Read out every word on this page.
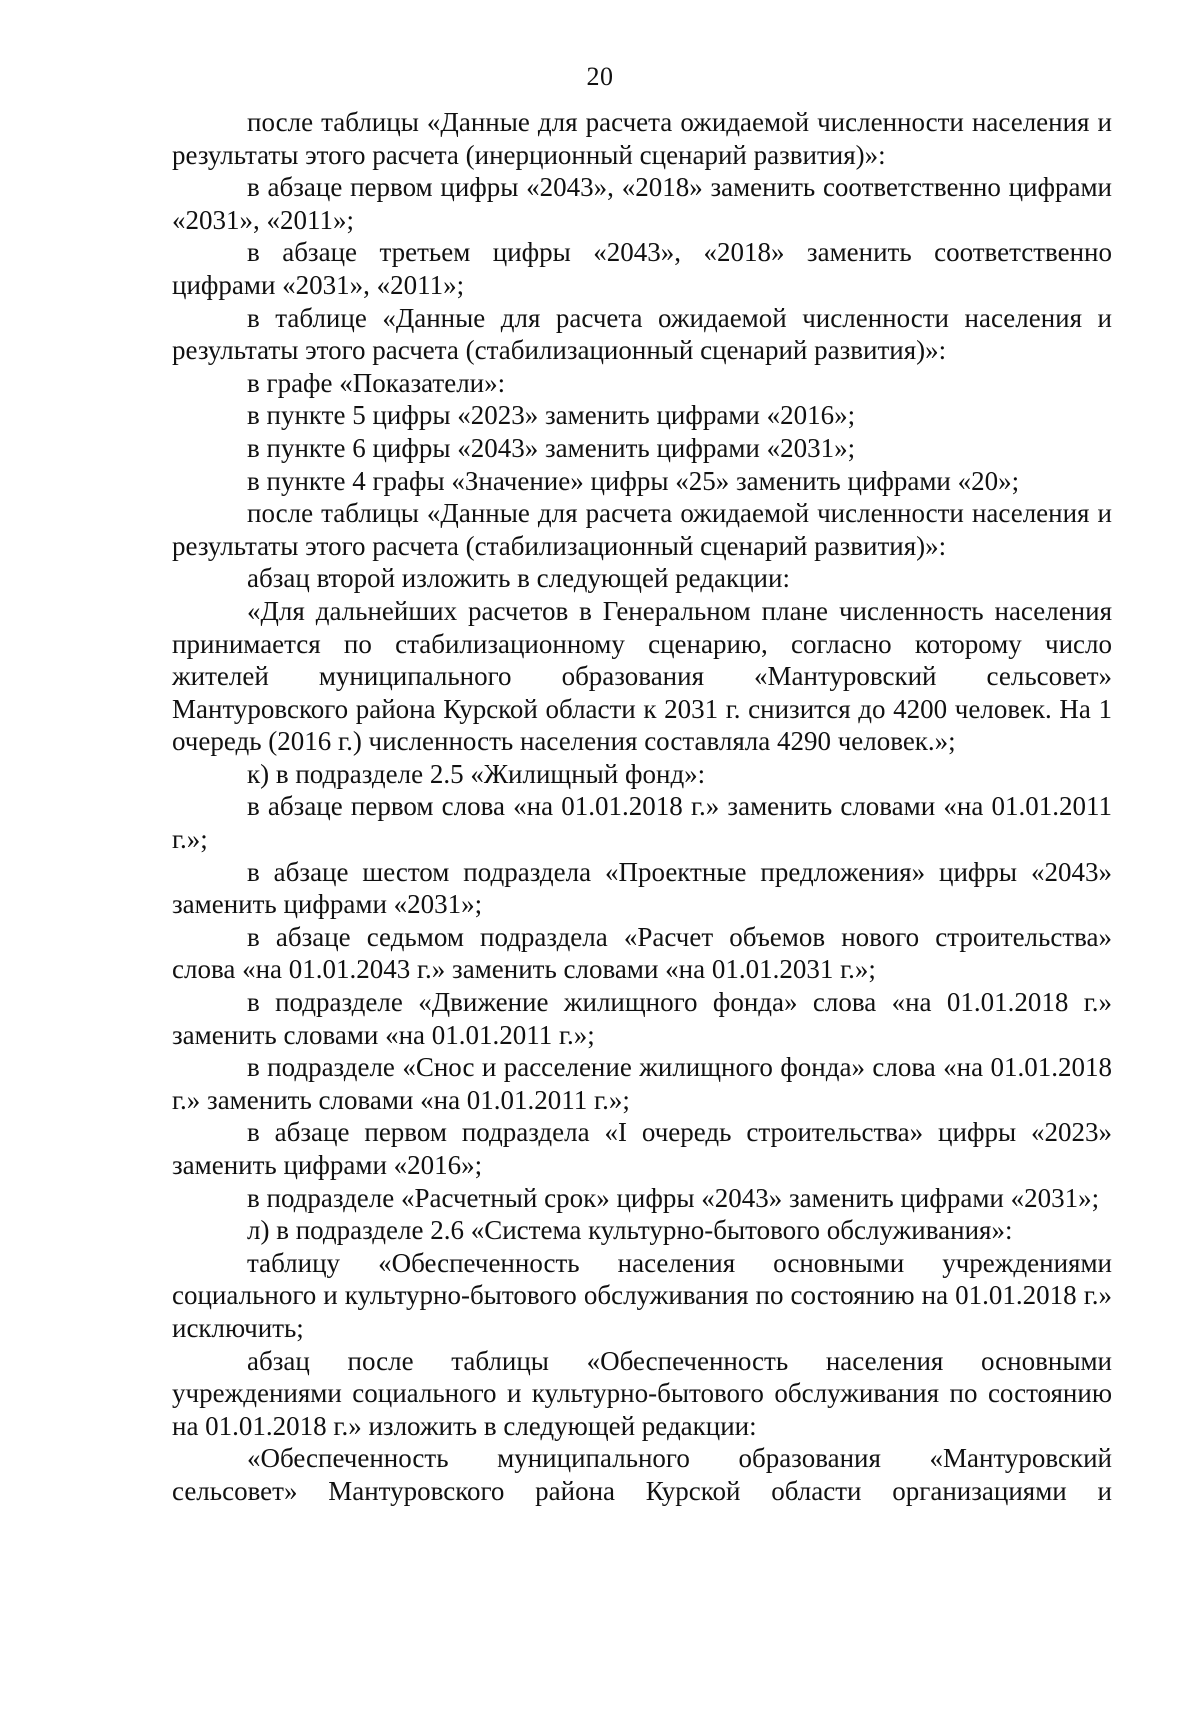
20

после таблицы «Данные для расчета ожидаемой численности населения и результаты этого расчета (инерционный сценарий развития)»:

в абзаце первом цифры «2043», «2018» заменить соответственно цифрами «2031», «2011»;

в абзаце третьем цифры «2043», «2018» заменить соответственно цифрами «2031», «2011»;

в таблице «Данные для расчета ожидаемой численности населения и результаты этого расчета (стабилизационный сценарий развития)»:

в графе «Показатели»:

в пункте 5 цифры «2023» заменить цифрами «2016»;

в пункте 6 цифры «2043» заменить цифрами «2031»;

в пункте 4 графы «Значение» цифры «25» заменить цифрами «20»;

после таблицы «Данные для расчета ожидаемой численности населения и результаты этого расчета (стабилизационный сценарий развития)»:

абзац второй изложить в следующей редакции:

«Для дальнейших расчетов в Генеральном плане численность населения принимается по стабилизационному сценарию, согласно которому число жителей муниципального образования «Мантуровский сельсовет» Мантуровского района Курской области к 2031 г. снизится до 4200 человек. На 1 очередь (2016 г.) численность населения составляла 4290 человек.»;

к) в подразделе 2.5 «Жилищный фонд»:

в абзаце первом слова «на 01.01.2018 г.» заменить словами «на 01.01.2011 г.»;

в абзаце шестом подраздела «Проектные предложения» цифры «2043» заменить цифрами «2031»;

в абзаце седьмом подраздела «Расчет объемов нового строительства» слова «на 01.01.2043 г.» заменить словами «на 01.01.2031 г.»;

в подразделе «Движение жилищного фонда» слова «на 01.01.2018 г.» заменить словами «на 01.01.2011 г.»;

в подразделе «Снос и расселение жилищного фонда» слова «на 01.01.2018 г.» заменить словами «на 01.01.2011 г.»;

в абзаце первом подраздела «I очередь строительства» цифры «2023» заменить цифрами «2016»;

в подразделе «Расчетный срок» цифры «2043» заменить цифрами «2031»;

л) в подразделе 2.6 «Система культурно-бытового обслуживания»:

таблицу «Обеспеченность населения основными учреждениями социального и культурно-бытового обслуживания по состоянию на 01.01.2018 г.» исключить;

абзац после таблицы «Обеспеченность населения основными учреждениями социального и культурно-бытового обслуживания по состоянию на 01.01.2018 г.» изложить в следующей редакции:

«Обеспеченность муниципального образования «Мантуровский сельсовет» Мантуровского района Курской области организациями и
